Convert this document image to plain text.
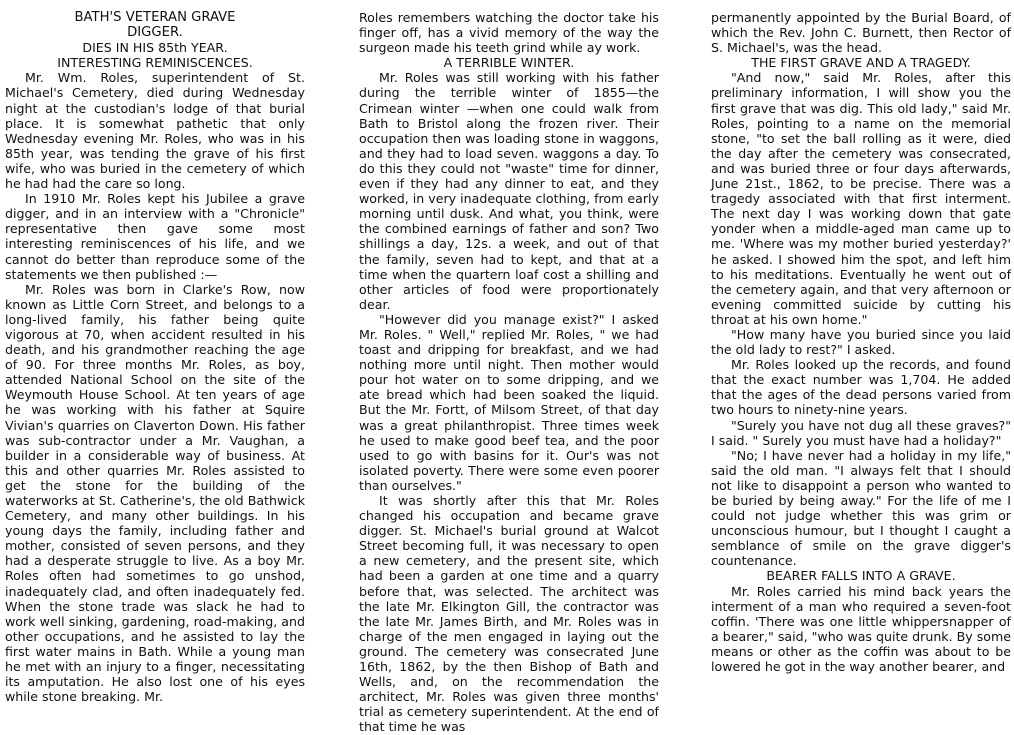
BATH'S VETERAN GRAVE
DIGGER.
DIES IN HIS 85th YEAR.
INTERESTING REMINISCENCES.

Mr. Wm. Roles, superintendent of St. Michael's Cemetery, died during Wednesday night at the custodian's lodge of that burial place. It is somewhat pathetic that only Wednesday evening Mr. Roles, who was in his 85th year, was tending the grave of his first wife, who was buried in the cemetery of which he had had the care so long.

In 1910 Mr. Roles kept his Jubilee a grave digger, and in an interview with a "Chronicle" representative then gave some most interesting reminiscences of his life, and we cannot do better than reproduce some of the statements we then published :—

Mr. Roles was born in Clarke's Row, now known as Little Corn Street, and belongs to a long-lived family, his father being quite vigorous at 70, when accident resulted in his death, and his grandmother reaching the age of 90. For three months Mr. Roles, as boy, attended National School on the site of the Weymouth House School. At ten years of age he was working with his father at Squire Vivian's quarries on Claverton Down. His father was sub-contractor under a Mr. Vaughan, a builder in a considerable way of business. At this and other quarries Mr. Roles assisted to get the stone for the building of the waterworks at St. Catherine's, the old Bathwick Cemetery, and many other buildings. In his young days the family, including father and mother, consisted of seven persons, and they had a desperate struggle to live. As a boy Mr. Roles often had sometimes to go unshod, inadequately clad, and often inadequately fed. When the stone trade was slack he had to work well sinking, gardening, road-making, and other occupations, and he assisted to lay the first water mains in Bath. While a young man he met with an injury to a finger, necessitating its amputation. He also lost one of his eyes while stone breaking. Mr.

Roles remembers watching the doctor take his finger off, has a vivid memory of the way the surgeon made his teeth grind while ay work.

A TERRIBLE WINTER.

Mr. Roles was still working with his father during the terrible winter of 1855—the Crimean winter —when one could walk from Bath to Bristol along the frozen river. Their occupation then was loading stone in waggons, and they had to load seven. waggons a day. To do this they could not "waste" time for dinner, even if they had any dinner to eat, and they worked, in very inadequate clothing, from early morning until dusk. And what, you think, were the combined earnings of father and son? Two shillings a day, 12s. a week, and out of that the family, seven had to kept, and that at a time when the quartern loaf cost a shilling and other articles of food were proportionately dear.

"However did you manage exist?" I asked Mr. Roles. " Well," replied Mr. Roles, " we had toast and dripping for breakfast, and we had nothing more until night. Then mother would pour hot water on to some dripping, and we ate bread which had been soaked the liquid. But the Mr. Fortt, of Milsom Street, of that day was a great philanthropist. Three times week he used to make good beef tea, and the poor used to go with basins for it. Our's was not isolated poverty. There were some even poorer than ourselves."

It was shortly after this that Mr. Roles changed his occupation and became grave digger. St. Michael's burial ground at Walcot Street becoming full, it was necessary to open a new cemetery, and the present site, which had been a garden at one time and a quarry before that, was selected. The architect was the late Mr. Elkington Gill, the contractor was the late Mr. James Birth, and Mr. Roles was in charge of the men engaged in laying out the ground. The cemetery was consecrated June 16th, 1862, by the then Bishop of Bath and Wells, and, on the recommendation the architect, Mr. Roles was given three months' trial as cemetery superintendent. At the end of that time he was

permanently appointed by the Burial Board, of which the Rev. John C. Burnett, then Rector of S. Michael's, was the head.

THE FIRST GRAVE AND A TRAGEDY.

"And now," said Mr. Roles, after this preliminary information, I will show you the first grave that was dig. This old lady," said Mr. Roles, pointing to a name on the memorial stone, "to set the ball rolling as it were, died the day after the cemetery was consecrated, and was buried three or four days afterwards, June 21st., 1862, to be precise. There was a tragedy associated with that first interment. The next day I was working down that gate yonder when a middle-aged man came up to me. 'Where was my mother buried yesterday?' he asked. I showed him the spot, and left him to his meditations. Eventually he went out of the cemetery again, and that very afternoon or evening committed suicide by cutting his throat at his own home."

"How many have you buried since you laid the old lady to rest?" I asked.

Mr. Roles looked up the records, and found that the exact number was 1,704. He added that the ages of the dead persons varied from two hours to ninety-nine years.

"Surely you have not dug all these graves?" I said. " Surely you must have had a holiday?"

"No; I have never had a holiday in my life," said the old man. "I always felt that I should not like to disappoint a person who wanted to be buried by being away." For the life of me I could not judge whether this was grim or unconscious humour, but I thought I caught a semblance of smile on the grave digger's countenance.

BEARER FALLS INTO A GRAVE.

Mr. Roles carried his mind back years the interment of a man who required a seven-foot coffin. 'There was one little whippersnapper of a bearer," said, "who was quite drunk. By some means or other as the coffin was about to be lowered he got in the way another bearer, and
